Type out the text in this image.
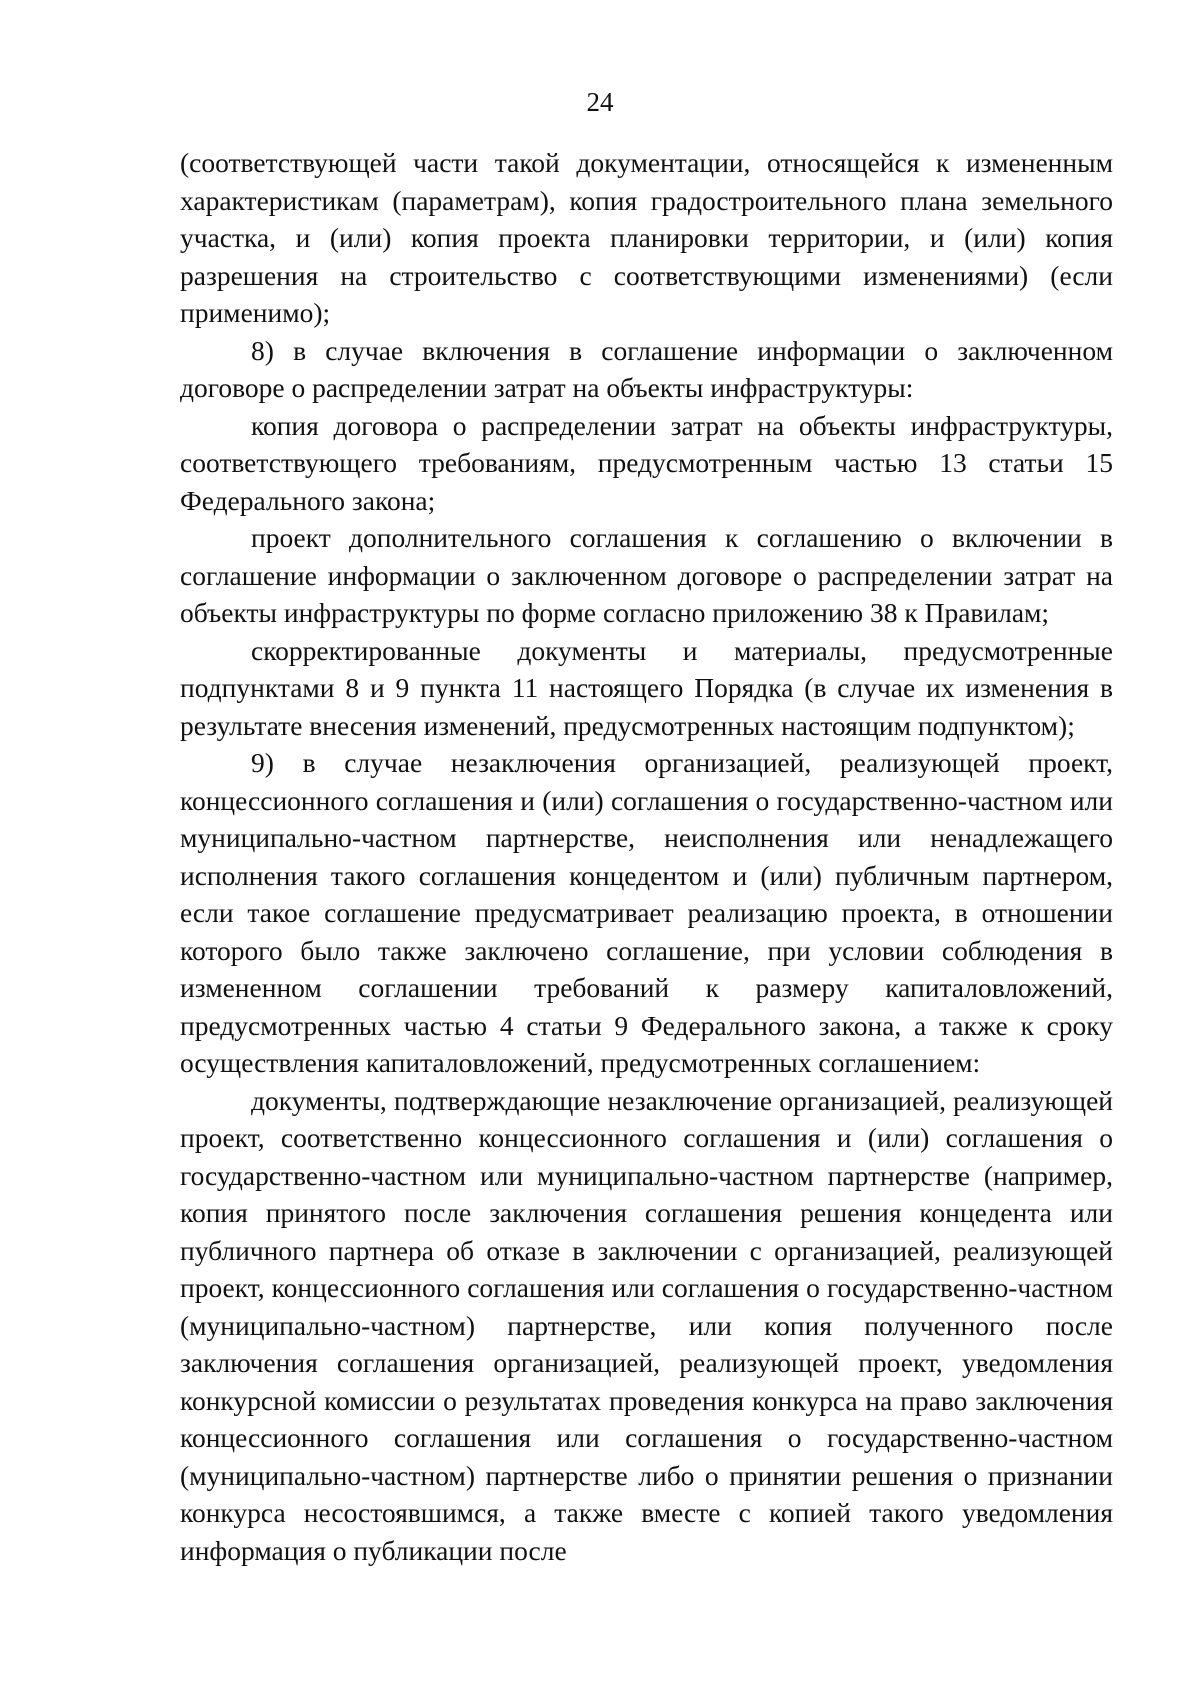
24

(соответствующей части такой документации, относящейся к измененным характеристикам (параметрам), копия градостроительного плана земельного участка, и (или) копия проекта планировки территории, и (или) копия разрешения на строительство с соответствующими изменениями) (если применимо);

8) в случае включения в соглашение информации о заключенном договоре о распределении затрат на объекты инфраструктуры:

копия договора о распределении затрат на объекты инфраструктуры, соответствующего требованиям, предусмотренным частью 13 статьи 15 Федерального закона;

проект дополнительного соглашения к соглашению о включении в соглашение информации о заключенном договоре о распределении затрат на объекты инфраструктуры по форме согласно приложению 38 к Правилам;

скорректированные документы и материалы, предусмотренные подпунктами 8 и 9 пункта 11 настоящего Порядка (в случае их изменения в результате внесения изменений, предусмотренных настоящим подпунктом);

9) в случае незаключения организацией, реализующей проект, концессионного соглашения и (или) соглашения о государственно-частном или муниципально-частном партнерстве, неисполнения или ненадлежащего исполнения такого соглашения концедентом и (или) публичным партнером, если такое соглашение предусматривает реализацию проекта, в отношении которого было также заключено соглашение, при условии соблюдения в измененном соглашении требований к размеру капиталовложений, предусмотренных частью 4 статьи 9 Федерального закона, а также к сроку осуществления капиталовложений, предусмотренных соглашением:

документы, подтверждающие незаключение организацией, реализующей проект, соответственно концессионного соглашения и (или) соглашения о государственно-частном или муниципально-частном партнерстве (например, копия принятого после заключения соглашения решения концедента или публичного партнера об отказе в заключении с организацией, реализующей проект, концессионного соглашения или соглашения о государственно-частном (муниципально-частном) партнерстве, или копия полученного после заключения соглашения организацией, реализующей проект, уведомления конкурсной комиссии о результатах проведения конкурса на право заключения концессионного соглашения или соглашения о государственно-частном (муниципально-частном) партнерстве либо о принятии решения о признании конкурса несостоявшимся, а также вместе с копией такого уведомления информация о публикации после
